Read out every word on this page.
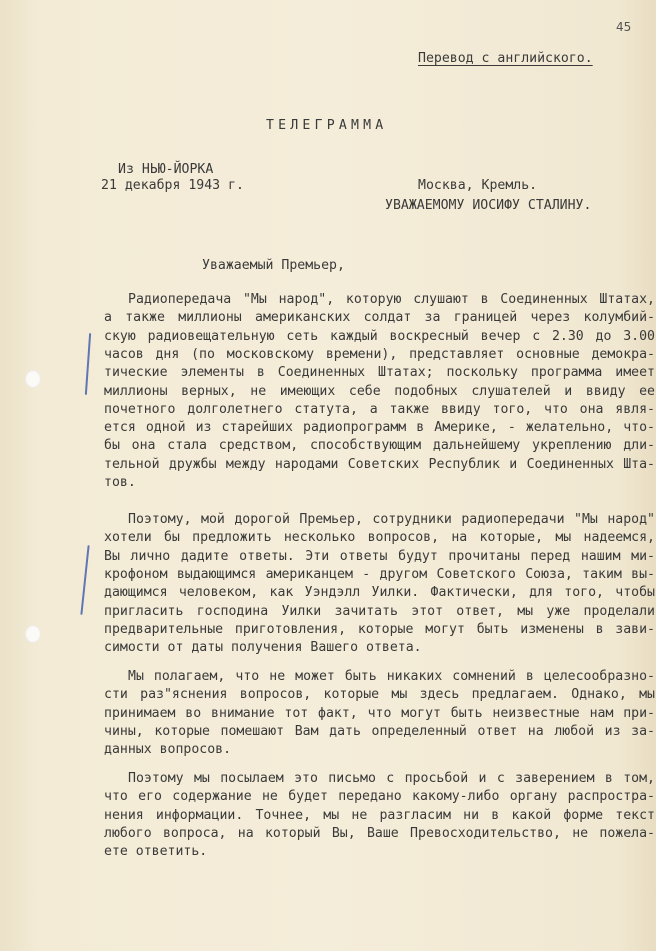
45
Перевод с английского.
ТЕЛЕГРАММА
Из НЬЮ-ЙОРКА
21 декабря 1943 г.	Москва, Кремль.
УВАЖАЕМОМУ ИОСИФУ СТАЛИНУ.
Уважаемый Премьер,
Радиопередача "Мы народ", которую слушают в Соединенных Штатах,
а также миллионы американских солдат за границей через колумбий-
скую радиовещательную сеть каждый воскресный вечер с 2.30 до 3.00
часов дня (по московскому времени), представляет основные демокра-
тические элементы в Соединенных Штатах; поскольку программа имеет
миллионы верных, не имеющих себе подобных слушателей и ввиду ее
почетного долголетнего статута, а также ввиду того, что она явля-
ется одной из старейших радиопрограмм в Америке, - желательно, что-
бы она стала средством, способствующим дальнейшему укреплению дли-
тельной дружбы между народами Советских Республик и Соединенных Шта-
тов.
Поэтому, мой дорогой Премьер, сотрудники радиопередачи "Мы народ"
хотели бы предложить несколько вопросов, на которые, мы надеемся,
Вы лично дадите ответы. Эти ответы будут прочитаны перед нашим ми-
крофоном выдающимся американцем - другом Советского Союза, таким вы-
дающимся человеком, как Уэндэлл Уилки. Фактически, для того, чтобы
пригласить господина Уилки зачитать этот ответ, мы уже проделали
предварительные приготовления, которые могут быть изменены в зави-
симости от даты получения Вашего ответа.
Мы полагаем, что не может быть никаких сомнений в целесообразно-
сти раз"яснения вопросов, которые мы здесь предлагаем. Однако, мы
принимаем во внимание тот факт, что могут быть неизвестные нам при-
чины, которые помешают Вам дать определенный ответ на любой из за-
данных вопросов.
Поэтому мы посылаем это письмо с просьбой и с заверением в том,
что его содержание не будет передано какому-либо органу распростра-
нения информации. Точнее, мы не разгласим ни в какой форме текст
любого вопроса, на который Вы, Ваше Превосходительство, не пожела-
ете ответить.
